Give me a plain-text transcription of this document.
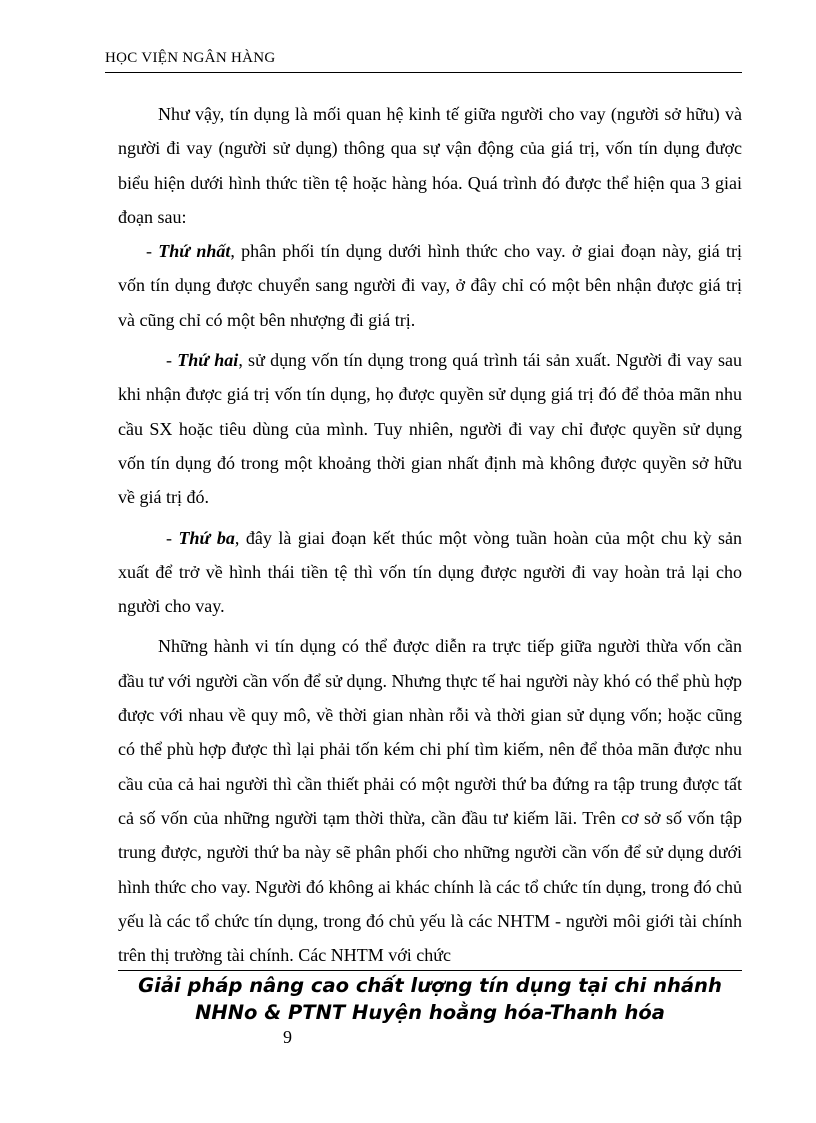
HỌC VIỆN NGÂN HÀNG

Như vậy, tín dụng là mối quan hệ kinh tế giữa người cho vay (người sở hữu) và người đi vay (người sử dụng) thông qua sự vận động của giá trị, vốn tín dụng được biểu hiện dưới hình thức tiền tệ hoặc hàng hóa. Quá trình đó được thể hiện qua 3 giai đoạn sau:

- Thứ nhất, phân phối tín dụng dưới hình thức cho vay. ở giai đoạn này, giá trị vốn tín dụng được chuyển sang người đi vay, ở đây chỉ có một bên nhận được giá trị và cũng chỉ có một bên nhượng đi giá trị.

- Thứ hai, sử dụng vốn tín dụng trong quá trình tái sản xuất. Người đi vay sau khi nhận được giá trị vốn tín dụng, họ được quyền sử dụng giá trị đó để thỏa mãn nhu cầu SX hoặc tiêu dùng của mình. Tuy nhiên, người đi vay chỉ được quyền sử dụng vốn tín dụng đó trong một khoảng thời gian nhất định mà không được quyền sở hữu về giá trị đó.

- Thứ ba, đây là giai đoạn kết thúc một vòng tuần hoàn của một chu kỳ sản xuất để trở về hình thái tiền tệ thì vốn tín dụng được người đi vay hoàn trả lại cho người cho vay.

Những hành vi tín dụng có thể được diễn ra trực tiếp giữa người thừa vốn cần đầu tư với người cần vốn để sử dụng. Nhưng thực tế hai người này khó có thể phù hợp được với nhau về quy mô, về thời gian nhàn rỗi và thời gian sử dụng vốn; hoặc cũng có thể phù hợp được thì lại phải tốn kém chi phí tìm kiếm, nên để thỏa mãn được nhu cầu của cả hai người thì cần thiết phải có một người thứ ba đứng ra tập trung được tất cả số vốn của những người tạm thời thừa, cần đầu tư kiếm lãi. Trên cơ sở số vốn tập trung được, người thứ ba này sẽ phân phối cho những người cần vốn để sử dụng dưới hình thức cho vay. Người đó không ai khác chính là các tổ chức tín dụng, trong đó chủ yếu là các tổ chức tín dụng, trong đó chủ yếu là các NHTM - người môi giới tài chính trên thị trường tài chính. Các NHTM với chức

Giải pháp nâng cao chất lượng tín dụng tại chi nhánh
NHNo & PTNT Huyện hoằng hóa-Thanh hóa
9
